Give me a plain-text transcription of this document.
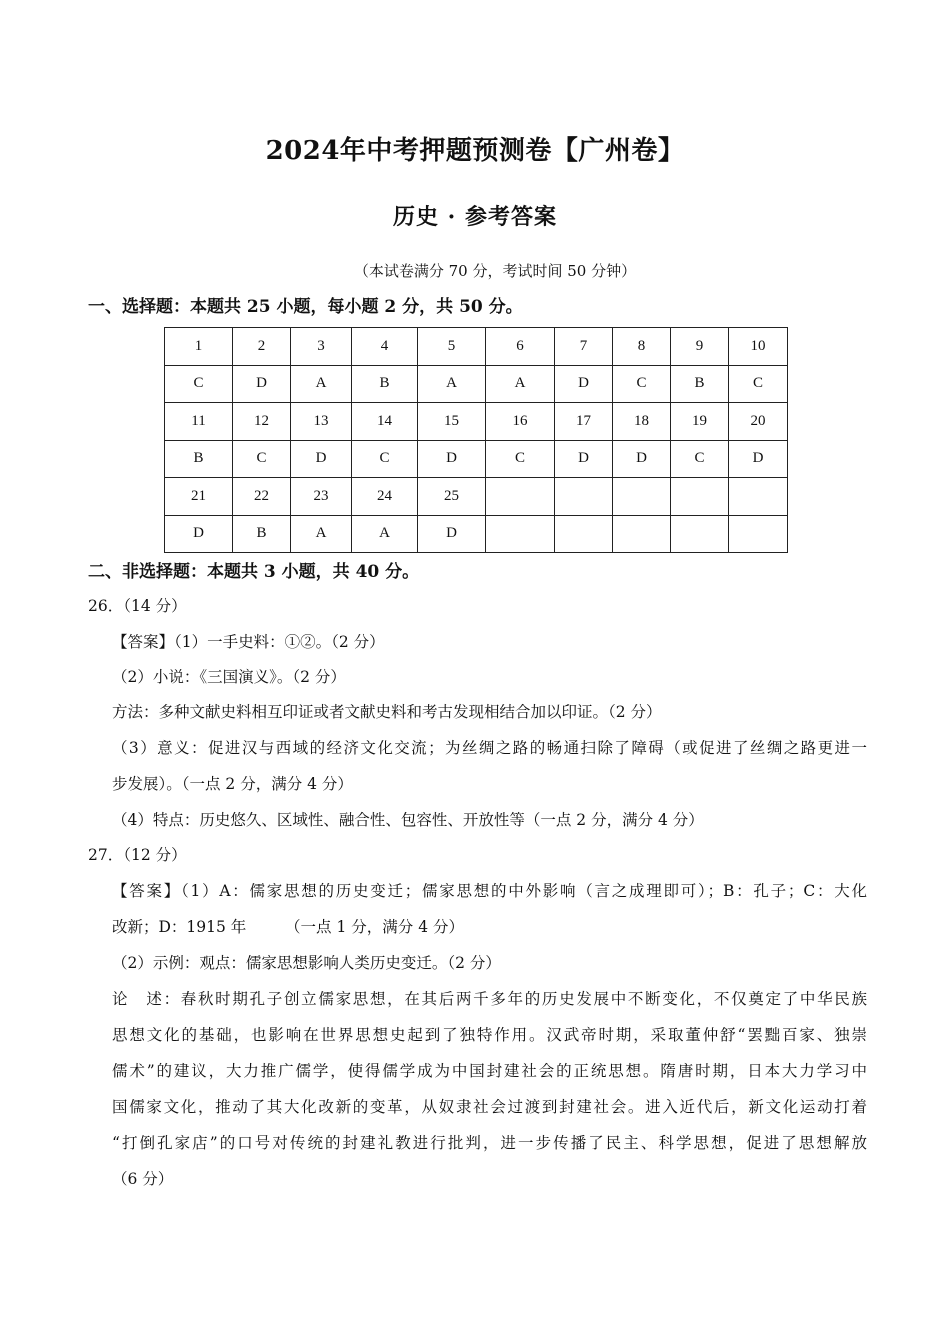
2024年中考押题预测卷【广州卷】
历史 · 参考答案
（本试卷满分 70 分，考试时间 50 分钟）
一、选择题：本题共 25 小题，每小题 2 分，共 50 分。
1	2	3	4	5	6	7	8	9	10
C	D	A	B	A	A	D	C	B	C
11	12	13	14	15	16	17	18	19	20
B	C	D	C	D	C	D	D	C	D
21	22	23	24	25					
D	B	A	A	D					
二、非选择题：本题共 3 小题，共 40 分。
26．（14 分）
【答案】（1）一手史料：①②。（2 分）
（2）小说：《三国演义》。（2 分）
方法：多种文献史料相互印证或者文献史料和考古发现相结合加以印证。（2 分）
（3）意义：促进汉与西域的经济文化交流；为丝绸之路的畅通扫除了障碍（或促进了丝绸之路更进一
步发展）。（一点 2 分，满分 4 分）
（4）特点：历史悠久、区域性、融合性、包容性、开放性等（一点 2 分，满分 4 分）
27．（12 分）
【答案】（1）A：儒家思想的历史变迁；儒家思想的中外影响（言之成理即可）；B：孔子；C：大化
改新；D：1915 年　　　（一点 1 分，满分 4 分）
（2）示例：观点：儒家思想影响人类历史变迁。（2 分）
论　述：春秋时期孔子创立儒家思想，在其后两千多年的历史发展中不断变化，不仅奠定了中华民族
思想文化的基础，也影响在世界思想史起到了独特作用。汉武帝时期，采取董仲舒“罢黜百家、独崇
儒术”的建议，大力推广儒学，使得儒学成为中国封建社会的正统思想。隋唐时期，日本大力学习中
国儒家文化，推动了其大化改新的变革，从奴隶社会过渡到封建社会。进入近代后，新文化运动打着
“打倒孔家店”的口号对传统的封建礼教进行批判，进一步传播了民主、科学思想，促进了思想解放
（6 分）
